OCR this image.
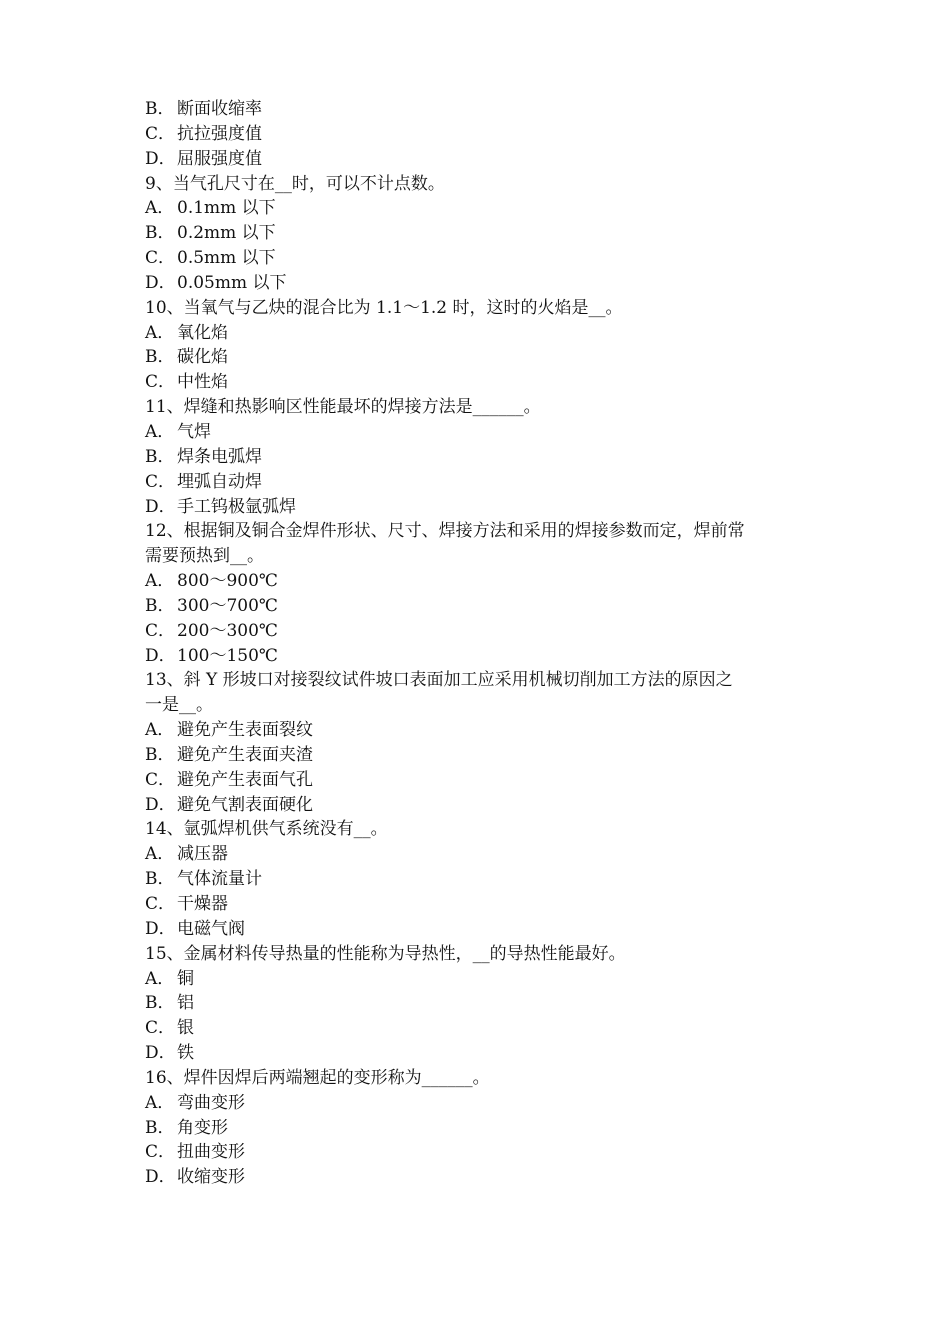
B． 断面收缩率
C． 抗拉强度值
D．屈服强度值
9、当气孔尺寸在__时，可以不计点数。
A． 0.1mm 以下
B． 0.2mm 以下
C． 0.5mm 以下
D．0.05mm 以下
10、当氧气与乙炔的混合比为 1.1～1.2 时，这时的火焰是__。
A． 氧化焰
B． 碳化焰
C． 中性焰
11、焊缝和热影响区性能最坏的焊接方法是______。
A． 气焊
B． 焊条电弧焊
C． 埋弧自动焊
D．手工钨极氩弧焊
12、根据铜及铜合金焊件形状、尺寸、焊接方法和采用的焊接参数而定，焊前常
需要预热到__。
A． 800～900℃
B． 300～700℃
C． 200～300℃
D．100～150℃
13、斜 Y 形坡口对接裂纹试件坡口表面加工应采用机械切削加工方法的原因之
一是__。
A． 避免产生表面裂纹
B． 避免产生表面夹渣
C． 避免产生表面气孔
D．避免气割表面硬化
14、氩弧焊机供气系统没有__。
A． 减压器
B． 气体流量计
C． 干燥器
D．电磁气阀
15、金属材料传导热量的性能称为导热性，__的导热性能最好。
A． 铜
B． 铝
C． 银
D．铁
16、焊件因焊后两端翘起的变形称为______。
A． 弯曲变形
B． 角变形
C． 扭曲变形
D．收缩变形
